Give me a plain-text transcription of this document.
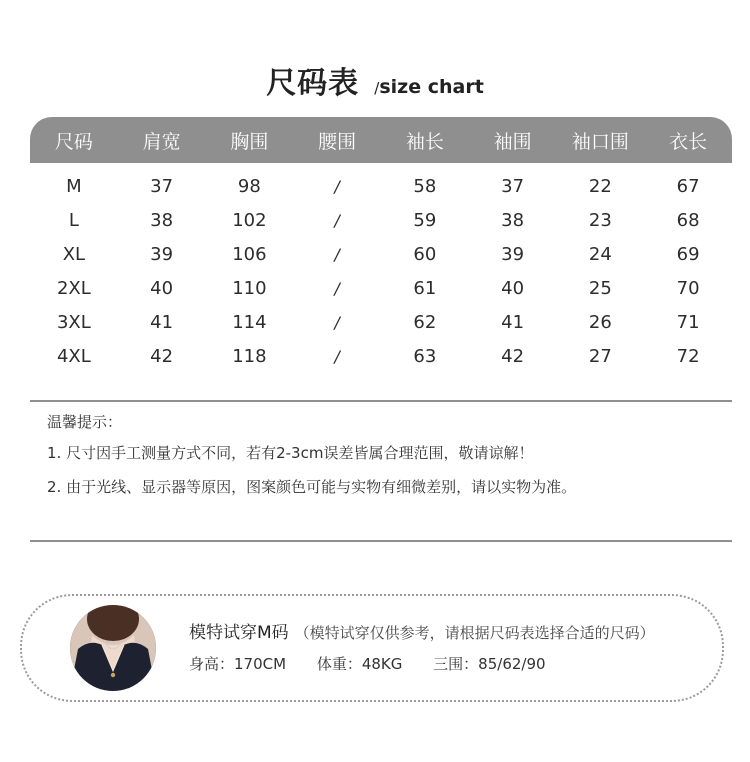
尺码表 /size chart
尺码	肩宽	胸围	腰围	袖长	袖围	袖口围	衣长
M	37	98	/	58	37	22	67
L	38	102	/	59	38	23	68
XL	39	106	/	60	39	24	69
2XL	40	110	/	61	40	25	70
3XL	41	114	/	62	41	26	71
4XL	42	118	/	63	42	27	72
温馨提示：
1. 尺寸因手工测量方式不同，若有2-3cm误差皆属合理范围，敬请谅解！
2. 由于光线、显示器等原因，图案颜色可能与实物有细微差别，请以实物为准。
模特试穿M码 （模特试穿仅供参考，请根据尺码表选择合适的尺码）
身高：170CM 体重：48KG 三围：85/62/90
